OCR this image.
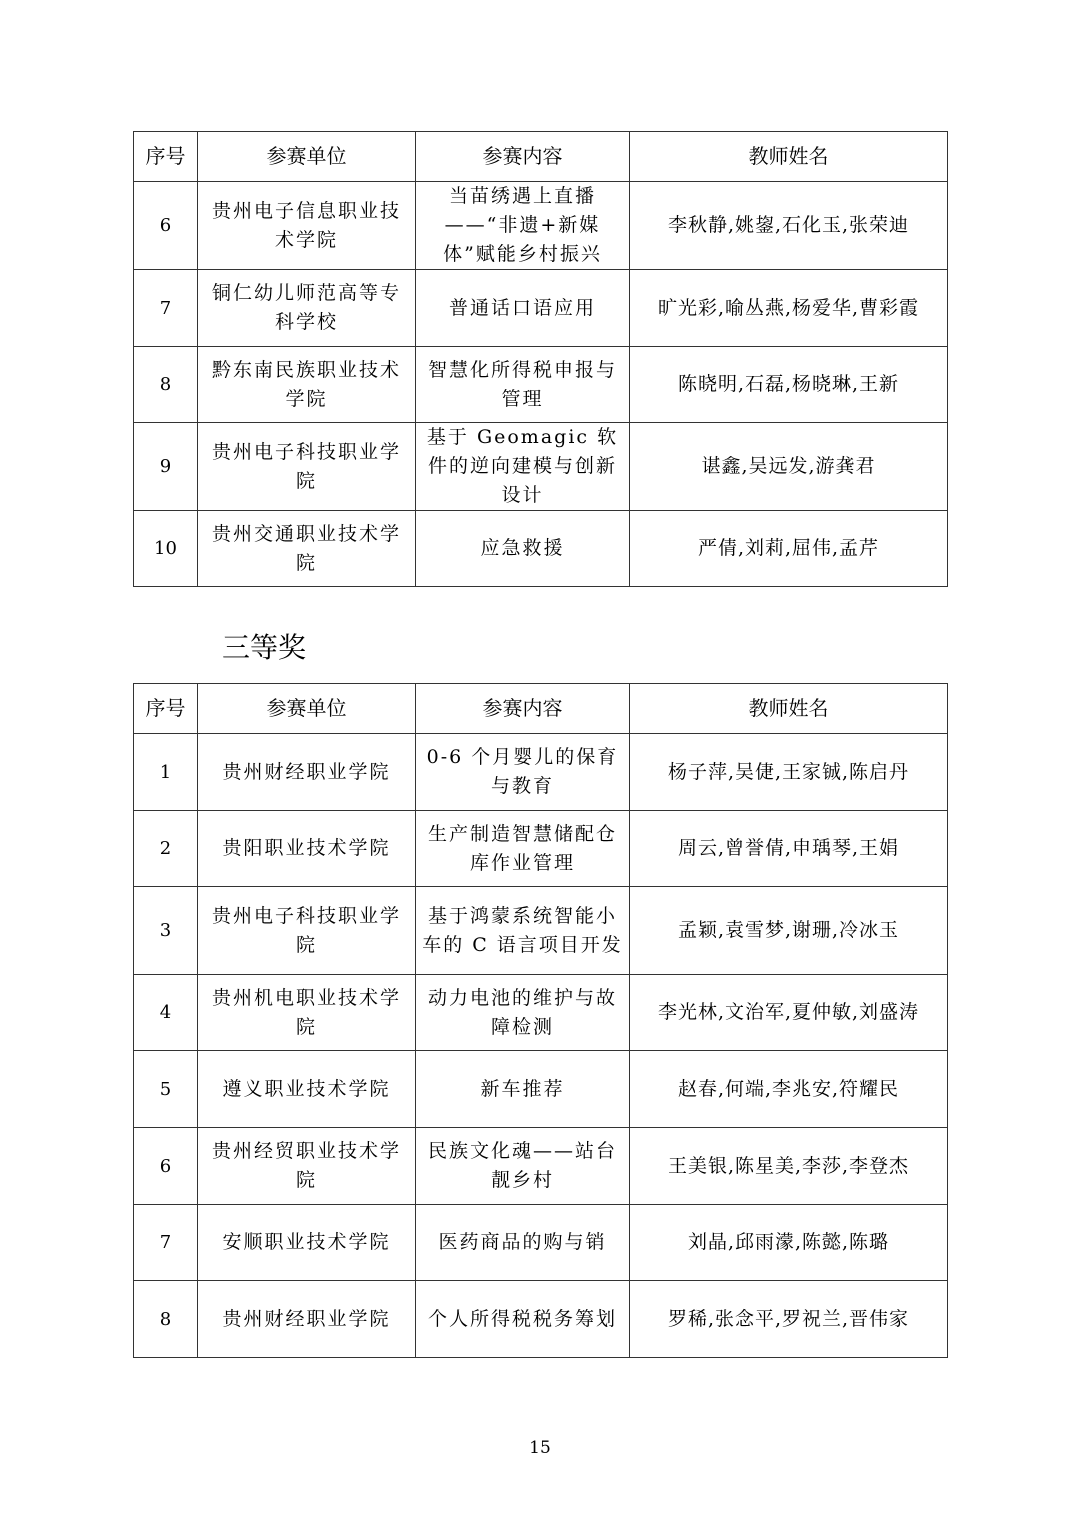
序号	参赛单位	参赛内容	教师姓名
6	贵州电子信息职业技术学院	当苗绣遇上直播——“非遗+新媒体”赋能乡村振兴	李秋静,姚鋆,石化玉,张荣迪
7	铜仁幼儿师范高等专科学校	普通话口语应用	旷光彩,喻丛燕,杨爱华,曹彩霞
8	黔东南民族职业技术学院	智慧化所得税申报与管理	陈晓明,石磊,杨晓琳,王新
9	贵州电子科技职业学院	基于 Geomagic 软件的逆向建模与创新设计	谌鑫,吴远发,游龚君
10	贵州交通职业技术学院	应急救援	严倩,刘莉,屈伟,孟芹
三等奖
序号	参赛单位	参赛内容	教师姓名
1	贵州财经职业学院	0-6 个月婴儿的保育与教育	杨子萍,吴倢,王家铖,陈启丹
2	贵阳职业技术学院	生产制造智慧储配仓库作业管理	周云,曾誉倩,申瑀琴,王娟
3	贵州电子科技职业学院	基于鸿蒙系统智能小车的 C 语言项目开发	孟颖,袁雪梦,谢珊,冷冰玉
4	贵州机电职业技术学院	动力电池的维护与故障检测	李光林,文治军,夏仲敏,刘盛涛
5	遵义职业技术学院	新车推荐	赵春,何端,李兆安,符耀民
6	贵州经贸职业技术学院	民族文化魂——站台靓乡村	王美银,陈星美,李莎,李登杰
7	安顺职业技术学院	医药商品的购与销	刘晶,邱雨濛,陈懿,陈璐
8	贵州财经职业学院	个人所得税税务筹划	罗稀,张念平,罗祝兰,晋伟家
15
